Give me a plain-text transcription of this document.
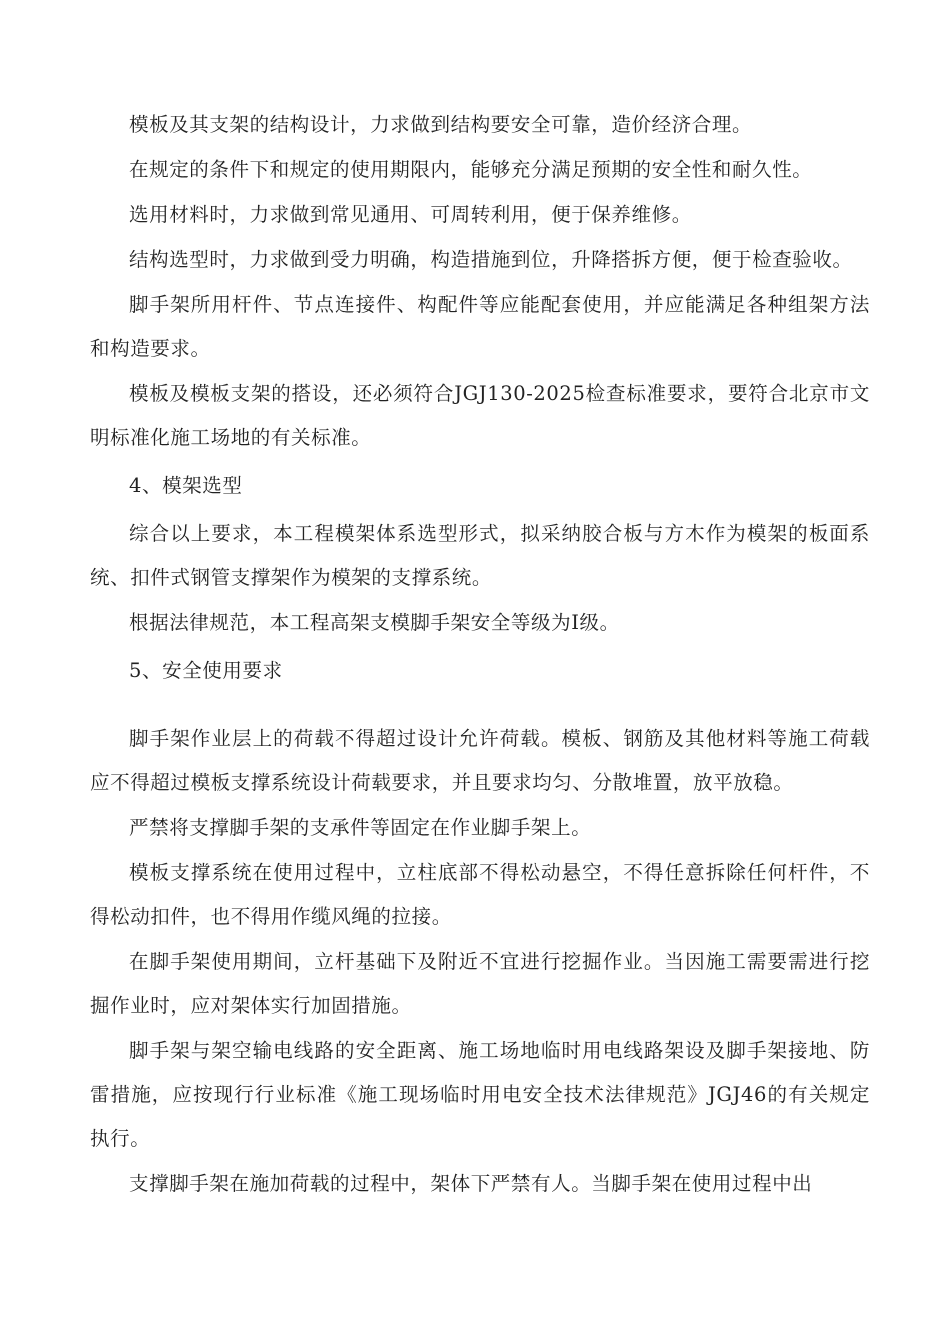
模板及其支架的结构设计，力求做到结构要安全可靠，造价经济合理。

在规定的条件下和规定的使用期限内，能够充分满足预期的安全性和耐久性。

选用材料时，力求做到常见通用、可周转利用，便于保养维修。

结构选型时，力求做到受力明确，构造措施到位，升降搭拆方便，便于检查验收。

脚手架所用杆件、节点连接件、构配件等应能配套使用，并应能满足各种组架方法和构造要求。

模板及模板支架的搭设，还必须符合JGJ130-2025检查标准要求，要符合北京市文明标准化施工场地的有关标准。

4、模架选型

综合以上要求，本工程模架体系选型形式，拟采纳胶合板与方木作为模架的板面系统、扣件式钢管支撑架作为模架的支撑系统。

根据法律规范，本工程高架支模脚手架安全等级为I级。

5、安全使用要求

脚手架作业层上的荷载不得超过设计允许荷载。模板、钢筋及其他材料等施工荷载应不得超过模板支撑系统设计荷载要求，并且要求均匀、分散堆置，放平放稳。

严禁将支撑脚手架的支承件等固定在作业脚手架上。

模板支撑系统在使用过程中，立柱底部不得松动悬空，不得任意拆除任何杆件，不得松动扣件，也不得用作缆风绳的拉接。

在脚手架使用期间，立杆基础下及附近不宜进行挖掘作业。当因施工需要需进行挖掘作业时，应对架体实行加固措施。

脚手架与架空输电线路的安全距离、施工场地临时用电线路架设及脚手架接地、防雷措施，应按现行行业标准《施工现场临时用电安全技术法律规范》JGJ46的有关规定执行。

支撑脚手架在施加荷载的过程中，架体下严禁有人。当脚手架在使用过程中出
